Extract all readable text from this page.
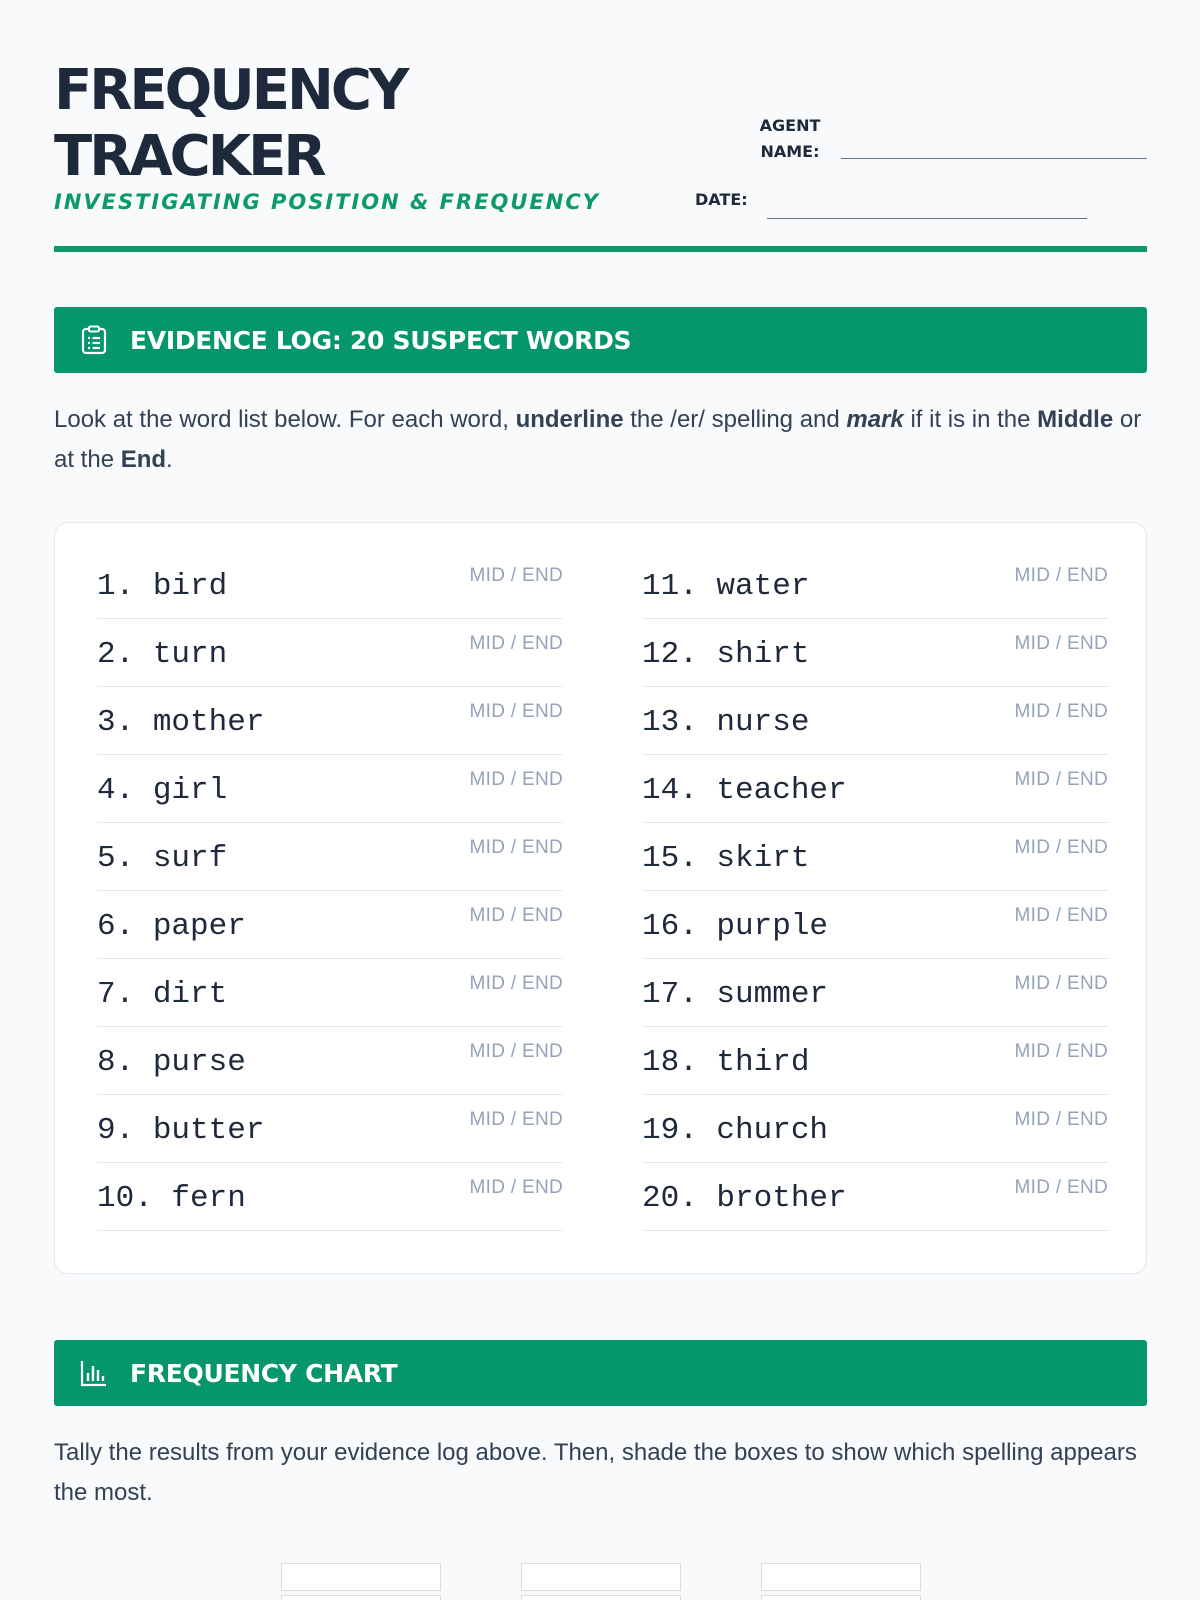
FREQUENCY
TRACKER
INVESTIGATING POSITION & FREQUENCY
AGENT
NAME:
DATE:
EVIDENCE LOG: 20 SUSPECT WORDS
Look at the word list below. For each word, underline the /er/ spelling and mark if it is in the Middle or at the End.
1. bird	MID / END
2. turn	MID / END
3. mother	MID / END
4. girl	MID / END
5. surf	MID / END
6. paper	MID / END
7. dirt	MID / END
8. purse	MID / END
9. butter	MID / END
10. fern	MID / END
11. water	MID / END
12. shirt	MID / END
13. nurse	MID / END
14. teacher	MID / END
15. skirt	MID / END
16. purple	MID / END
17. summer	MID / END
18. third	MID / END
19. church	MID / END
20. brother	MID / END
FREQUENCY CHART
Tally the results from your evidence log above. Then, shade the boxes to show which spelling appears the most.
